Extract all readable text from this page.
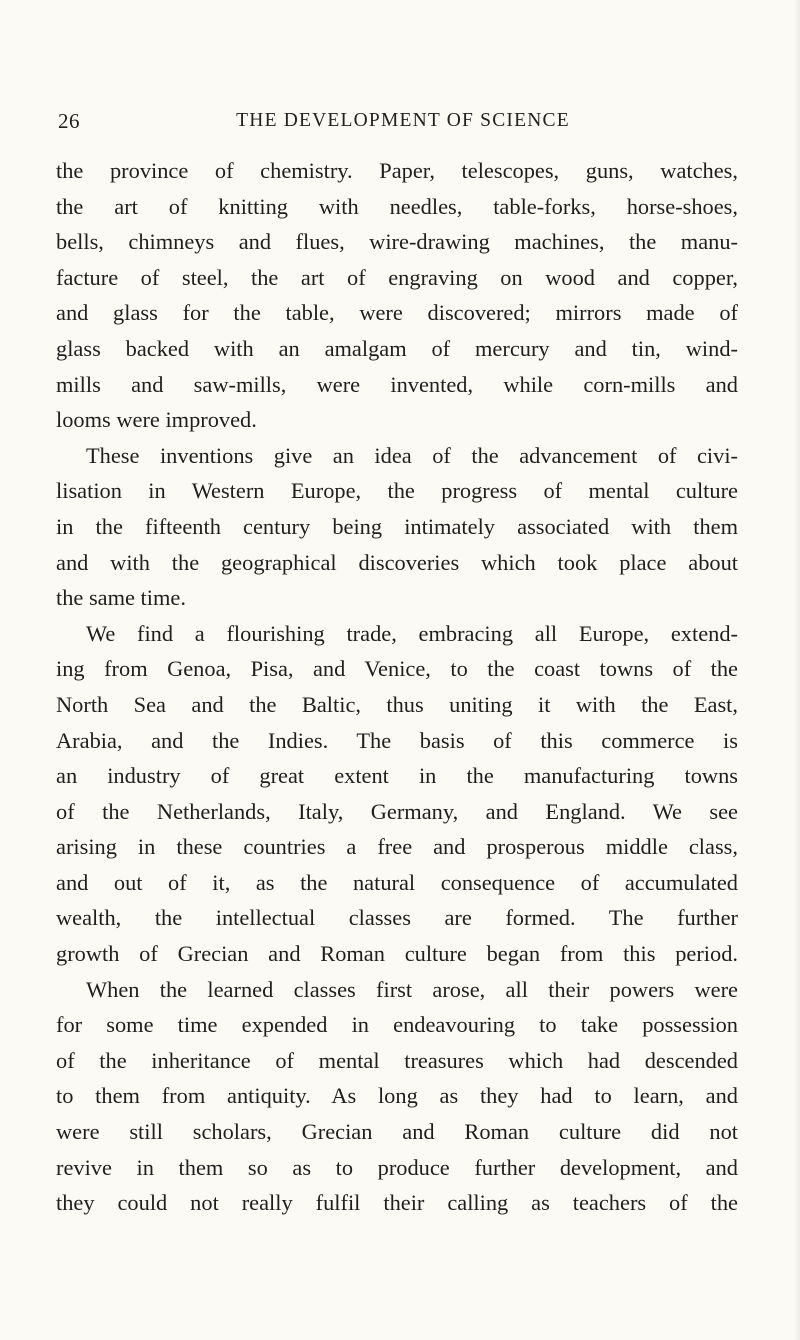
26	THE DEVELOPMENT OF SCIENCE
the province of chemistry. Paper, telescopes, guns, watches,
the art of knitting with needles, table-forks, horse-shoes,
bells, chimneys and flues, wire-drawing machines, the manu-
facture of steel, the art of engraving on wood and copper,
and glass for the table, were discovered; mirrors made of
glass backed with an amalgam of mercury and tin, wind-
mills and saw-mills, were invented, while corn-mills and
looms were improved.
These inventions give an idea of the advancement of civi-
lisation in Western Europe, the progress of mental culture
in the fifteenth century being intimately associated with them
and with the geographical discoveries which took place about
the same time.
We find a flourishing trade, embracing all Europe, extend-
ing from Genoa, Pisa, and Venice, to the coast towns of the
North Sea and the Baltic, thus uniting it with the East,
Arabia, and the Indies. The basis of this commerce is
an industry of great extent in the manufacturing towns
of the Netherlands, Italy, Germany, and England. We see
arising in these countries a free and prosperous middle class,
and out of it, as the natural consequence of accumulated
wealth, the intellectual classes are formed. The further
growth of Grecian and Roman culture began from this period.
When the learned classes first arose, all their powers were
for some time expended in endeavouring to take possession
of the inheritance of mental treasures which had descended
to them from antiquity. As long as they had to learn, and
were still scholars, Grecian and Roman culture did not
revive in them so as to produce further development, and
they could not really fulfil their calling as teachers of the
